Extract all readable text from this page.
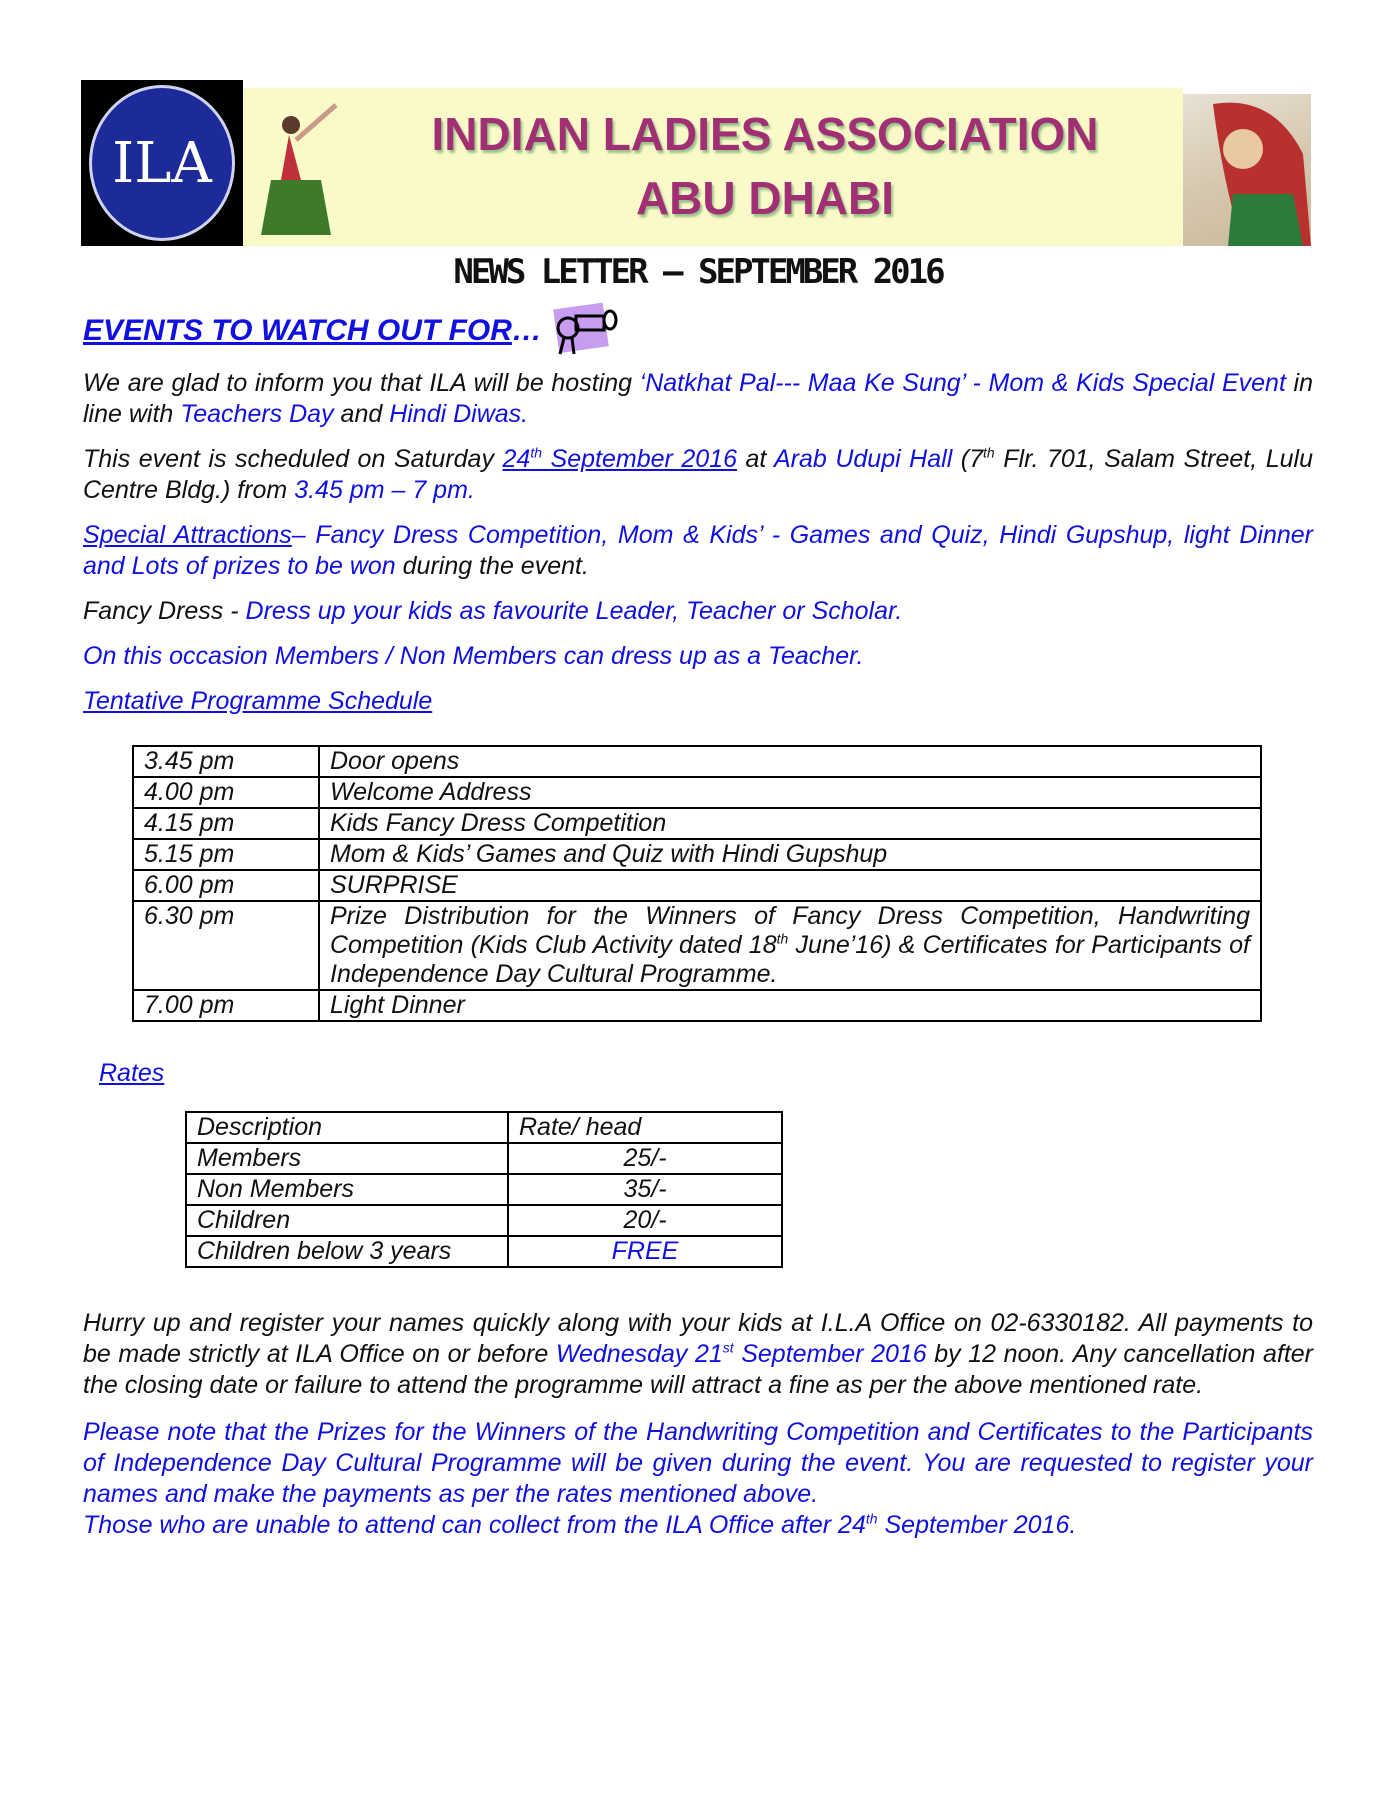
ILA	INDIAN LADIES ASSOCIATION
ABU DHABI
NEWS LETTER – SEPTEMBER 2016
EVENTS TO WATCH OUT FOR…

We are glad to inform you that ILA will be hosting ‘Natkhat Pal--- Maa Ke Sung’ - Mom & Kids Special Event in line with Teachers Day and Hindi Diwas.

This event is scheduled on Saturday 24th September 2016 at Arab Udupi Hall (7th Flr. 701, Salam Street, Lulu Centre Bldg.) from 3.45 pm – 7 pm.

Special Attractions– Fancy Dress Competition, Mom & Kids’ - Games and Quiz, Hindi Gupshup, light Dinner and Lots of prizes to be won during the event.

Fancy Dress - Dress up your kids as favourite Leader, Teacher or Scholar.

On this occasion Members / Non Members can dress up as a Teacher.

Tentative Programme Schedule

3.45 pm	Door opens
4.00 pm	Welcome Address
4.15 pm	Kids Fancy Dress Competition
5.15 pm	Mom & Kids’ Games and Quiz with Hindi Gupshup
6.00 pm	SURPRISE
6.30 pm	Prize Distribution for the Winners of Fancy Dress Competition, Handwriting Competition (Kids Club Activity dated 18th June’16) & Certificates for Participants of Independence Day Cultural Programme.
7.00 pm	Light Dinner

Rates

Description	Rate/ head
Members	25/-
Non Members	35/-
Children	20/-
Children below 3 years	FREE

Hurry up and register your names quickly along with your kids at I.L.A Office on 02-6330182. All payments to be made strictly at ILA Office on or before Wednesday 21st September 2016 by 12 noon. Any cancellation after the closing date or failure to attend the programme will attract a fine as per the above mentioned rate.

Please note that the Prizes for the Winners of the Handwriting Competition and Certificates to the Participants of Independence Day Cultural Programme will be given during the event. You are requested to register your names and make the payments as per the rates mentioned above.
Those who are unable to attend can collect from the ILA Office after 24th September 2016.
